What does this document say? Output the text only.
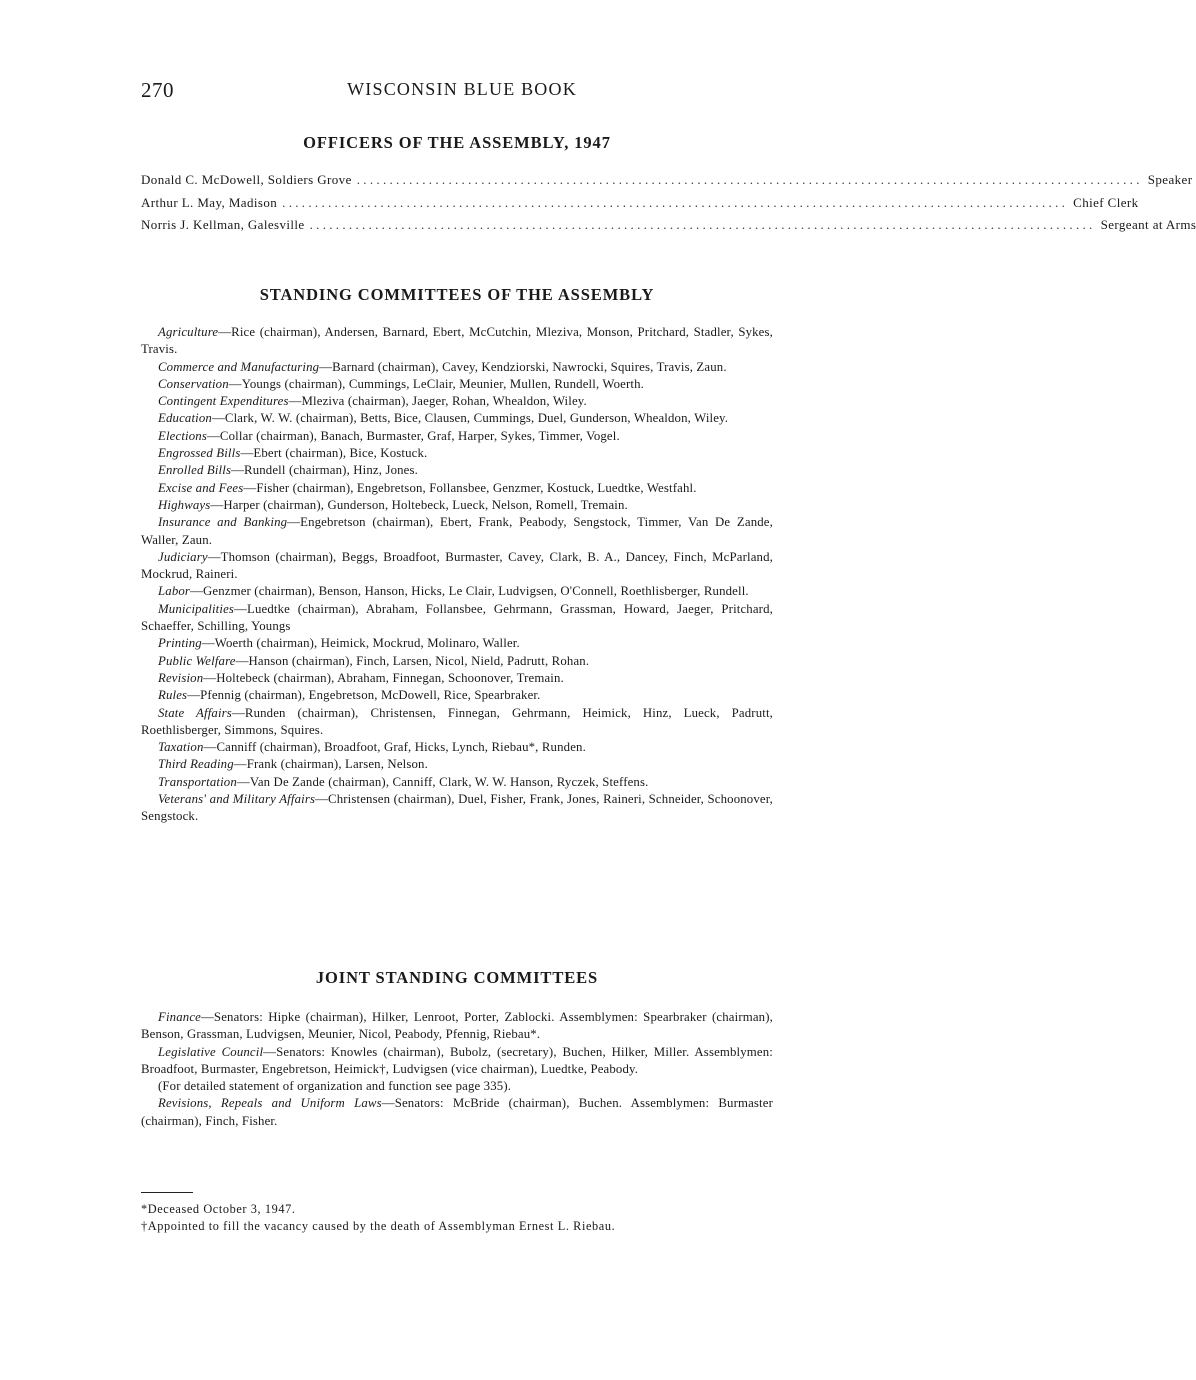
270	WISCONSIN BLUE BOOK
OFFICERS OF THE ASSEMBLY, 1947
Donald C. McDowell, Soldiers Grove ........................................................................................................................ Speaker
Arthur L. May, Madison ........................................................................................................................ Chief Clerk
Norris J. Kellman, Galesville ........................................................................................................................ Sergeant at Arms
STANDING COMMITTEES OF THE ASSEMBLY

Agriculture—Rice (chairman), Andersen, Barnard, Ebert, McCutchin, Mleziva, Monson, Pritchard, Stadler, Sykes, Travis.

Commerce and Manufacturing—Barnard (chairman), Cavey, Kendziorski, Nawrocki, Squires, Travis, Zaun.

Conservation—Youngs (chairman), Cummings, LeClair, Meunier, Mullen, Rundell, Woerth.

Contingent Expenditures—Mleziva (chairman), Jaeger, Rohan, Whealdon, Wiley.

Education—Clark, W. W. (chairman), Betts, Bice, Clausen, Cummings, Duel, Gunderson, Whealdon, Wiley.

Elections—Collar (chairman), Banach, Burmaster, Graf, Harper, Sykes, Timmer, Vogel.

Engrossed Bills—Ebert (chairman), Bice, Kostuck.

Enrolled Bills—Rundell (chairman), Hinz, Jones.

Excise and Fees—Fisher (chairman), Engebretson, Follansbee, Genzmer, Kostuck, Luedtke, Westfahl.

Highways—Harper (chairman), Gunderson, Holtebeck, Lueck, Nelson, Romell, Tremain.

Insurance and Banking—Engebretson (chairman), Ebert, Frank, Peabody, Sengstock, Timmer, Van De Zande, Waller, Zaun.

Judiciary—Thomson (chairman), Beggs, Broadfoot, Burmaster, Cavey, Clark, B. A., Dancey, Finch, McParland, Mockrud, Raineri.

Labor—Genzmer (chairman), Benson, Hanson, Hicks, Le Clair, Ludvigsen, O'Connell, Roethlisberger, Rundell.

Municipalities—Luedtke (chairman), Abraham, Follansbee, Gehrmann, Grassman, Howard, Jaeger, Pritchard, Schaeffer, Schilling, Youngs

Printing—Woerth (chairman), Heimick, Mockrud, Molinaro, Waller.

Public Welfare—Hanson (chairman), Finch, Larsen, Nicol, Nield, Padrutt, Rohan.

Revision—Holtebeck (chairman), Abraham, Finnegan, Schoonover, Tremain.

Rules—Pfennig (chairman), Engebretson, McDowell, Rice, Spearbraker.

State Affairs—Runden (chairman), Christensen, Finnegan, Gehrmann, Heimick, Hinz, Lueck, Padrutt, Roethlisberger, Simmons, Squires.

Taxation—Canniff (chairman), Broadfoot, Graf, Hicks, Lynch, Riebau*, Runden.

Third Reading—Frank (chairman), Larsen, Nelson.

Transportation—Van De Zande (chairman), Canniff, Clark, W. W. Hanson, Ryczek, Steffens.

Veterans' and Military Affairs—Christensen (chairman), Duel, Fisher, Frank, Jones, Raineri, Schneider, Schoonover, Sengstock.

JOINT STANDING COMMITTEES

Finance—Senators: Hipke (chairman), Hilker, Lenroot, Porter, Zablocki. Assemblymen: Spearbraker (chairman), Benson, Grassman, Ludvigsen, Meunier, Nicol, Peabody, Pfennig, Riebau*.

Legislative Council—Senators: Knowles (chairman), Bubolz, (secretary), Buchen, Hilker, Miller. Assemblymen: Broadfoot, Burmaster, Engebretson, Heimick†, Ludvigsen (vice chairman), Luedtke, Peabody.

(For detailed statement of organization and function see page 335).

Revisions, Repeals and Uniform Laws—Senators: McBride (chairman), Buchen. Assemblymen: Burmaster (chairman), Finch, Fisher.

*Deceased October 3, 1947.
†Appointed to fill the vacancy caused by the death of Assemblyman Ernest L. Riebau.
